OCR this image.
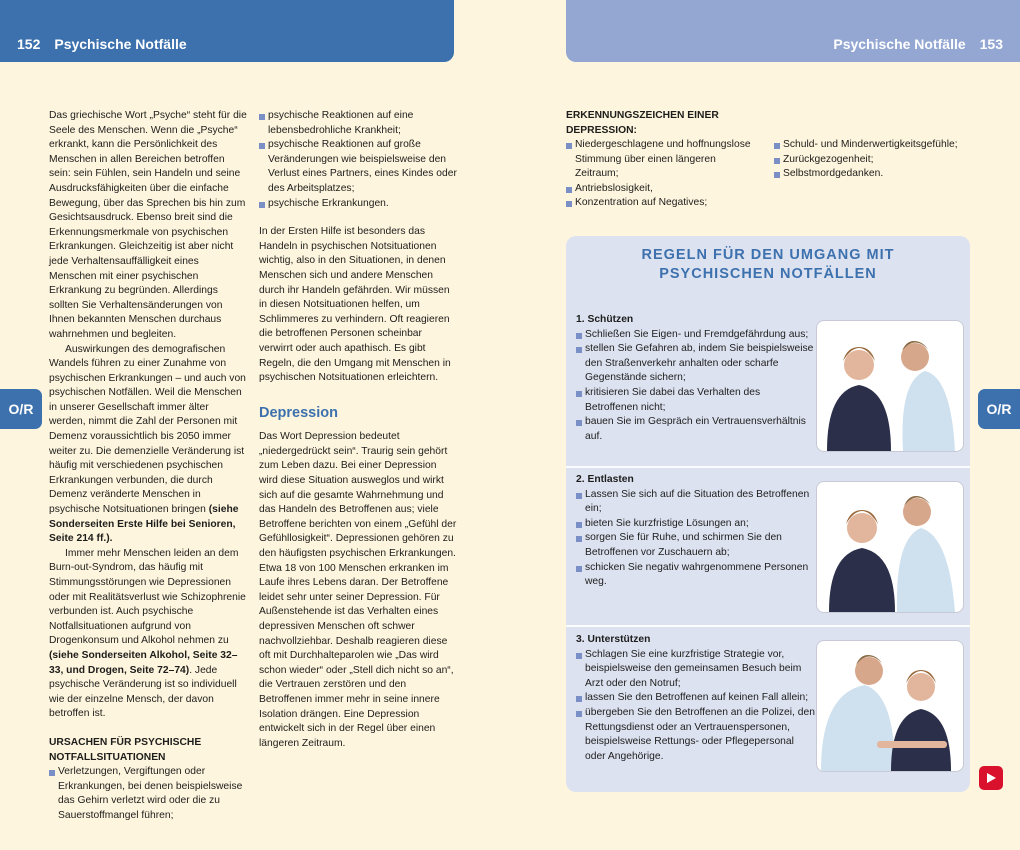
152 Psychische Notfälle	Psychische Notfälle 153
O/R	O/R

Das griechische Wort „Psyche“ steht für die Seele des Menschen. Wenn die „Psyche“ erkrankt, kann die Persönlichkeit des Menschen in allen Bereichen betroffen sein: sein Fühlen, sein Handeln und seine Ausdrucksfähigkeiten über die einfache Bewegung, über das Sprechen bis hin zum Gesichtsausdruck. Ebenso breit sind die Erkennungsmerkmale von psychischen Erkrankungen. Gleichzeitig ist aber nicht jede Verhaltensauffälligkeit eines Menschen mit einer psychischen Erkrankung zu begründen. Allerdings sollten Sie Verhaltensänderungen von Ihnen bekannten Menschen durchaus wahrnehmen und begleiten.

Auswirkungen des demografischen Wandels führen zu einer Zunahme von psychischen Erkrankungen – und auch von psychischen Notfällen. Weil die Menschen in unserer Gesellschaft immer älter werden, nimmt die Zahl der Personen mit Demenz voraussichtlich bis 2050 immer weiter zu. Die demenzielle Veränderung ist häufig mit verschiedenen psychischen Erkrankungen verbunden, die durch Demenz veränderte Menschen in psychische Notsituationen bringen (siehe Sonderseiten Erste Hilfe bei Senioren, Seite 214 ff.).

Immer mehr Menschen leiden an dem Burn-out-Syndrom, das häufig mit Stimmungsstörungen wie Depressionen oder mit Realitätsverlust wie Schizophrenie verbunden ist. Auch psychische Notfallsituationen aufgrund von Drogenkonsum und Alkohol nehmen zu (siehe Sonderseiten Alkohol, Seite 32–33, und Drogen, Seite 72–74). Jede psychische Veränderung ist so individuell wie der einzelne Mensch, der davon betroffen ist.

URSACHEN FÜR PSYCHISCHE NOTFALLSITUATIONEN
Verletzungen, Vergiftungen oder Erkrankungen, bei denen beispielsweise das Gehirn verletzt wird oder die zu Sauerstoffmangel führen;
psychische Reaktionen auf eine lebensbedrohliche Krankheit;
psychische Reaktionen auf große Veränderungen wie beispielsweise den Verlust eines Partners, eines Kindes oder des Arbeitsplatzes;
psychische Erkrankungen.

In der Ersten Hilfe ist besonders das Handeln in psychischen Notsituationen wichtig, also in den Situationen, in denen Menschen sich und andere Menschen durch ihr Handeln gefährden. Wir müssen in diesen Notsituationen helfen, um Schlimmeres zu verhindern. Oft reagieren die betroffenen Personen scheinbar verwirrt oder auch apathisch. Es gibt Regeln, die den Umgang mit Menschen in psychischen Notsituationen erleichtern.

Depression

Das Wort Depression bedeutet „niedergedrückt sein“. Traurig sein gehört zum Leben dazu. Bei einer Depression wird diese Situation ausweglos und wirkt sich auf die gesamte Wahrnehmung und das Handeln des Betroffenen aus; viele Betroffene berichten von einem „Gefühl der Gefühllosigkeit“. Depressionen gehören zu den häufigsten psychischen Erkrankungen. Etwa 18 von 100 Menschen erkranken im Laufe ihres Lebens daran. Der Betroffene leidet sehr unter seiner Depression. Für Außenstehende ist das Verhalten eines depressiven Menschen oft schwer nachvollziehbar. Deshalb reagieren diese oft mit Durchhalteparolen wie „Das wird schon wieder“ oder „Stell dich nicht so an“, die Vertrauen zerstören und den Betroffenen immer mehr in seine innere Isolation drängen. Eine Depression entwickelt sich in der Regel über einen längeren Zeitraum.

ERKENNUNGSZEICHEN EINER DEPRESSION:
Niedergeschlagene und hoffnungslose Stimmung über einen längeren Zeitraum;
Antriebslosigkeit,
Konzentration auf Negatives;
Schuld- und Minderwertigkeitsgefühle;
Zurückgezogenheit;
Selbstmordgedanken.
REGELN FÜR DEN UMGANG MIT
PSYCHISCHEN NOTFÄLLEN
1. Schützen
Schließen Sie Eigen- und Fremdgefährdung aus;
stellen Sie Gefahren ab, indem Sie beispielsweise den Straßenverkehr anhalten oder scharfe Gegenstände sichern;
kritisieren Sie dabei das Verhalten des Betroffenen nicht;
bauen Sie im Gespräch ein Vertrauensverhältnis auf.
2. Entlasten
Lassen Sie sich auf die Situation des Betroffenen ein;
bieten Sie kurzfristige Lösungen an;
sorgen Sie für Ruhe, und schirmen Sie den Betroffenen vor Zuschauern ab;
schicken Sie negativ wahrgenommene Personen weg.
3. Unterstützen
Schlagen Sie eine kurzfristige Strategie vor, beispielsweise den gemeinsamen Besuch beim Arzt oder den Notruf;
lassen Sie den Betroffenen auf keinen Fall allein;
übergeben Sie den Betroffenen an die Polizei, den Rettungsdienst oder an Vertrauenspersonen, beispielsweise Rettungs- oder Pflegepersonal oder Angehörige.
